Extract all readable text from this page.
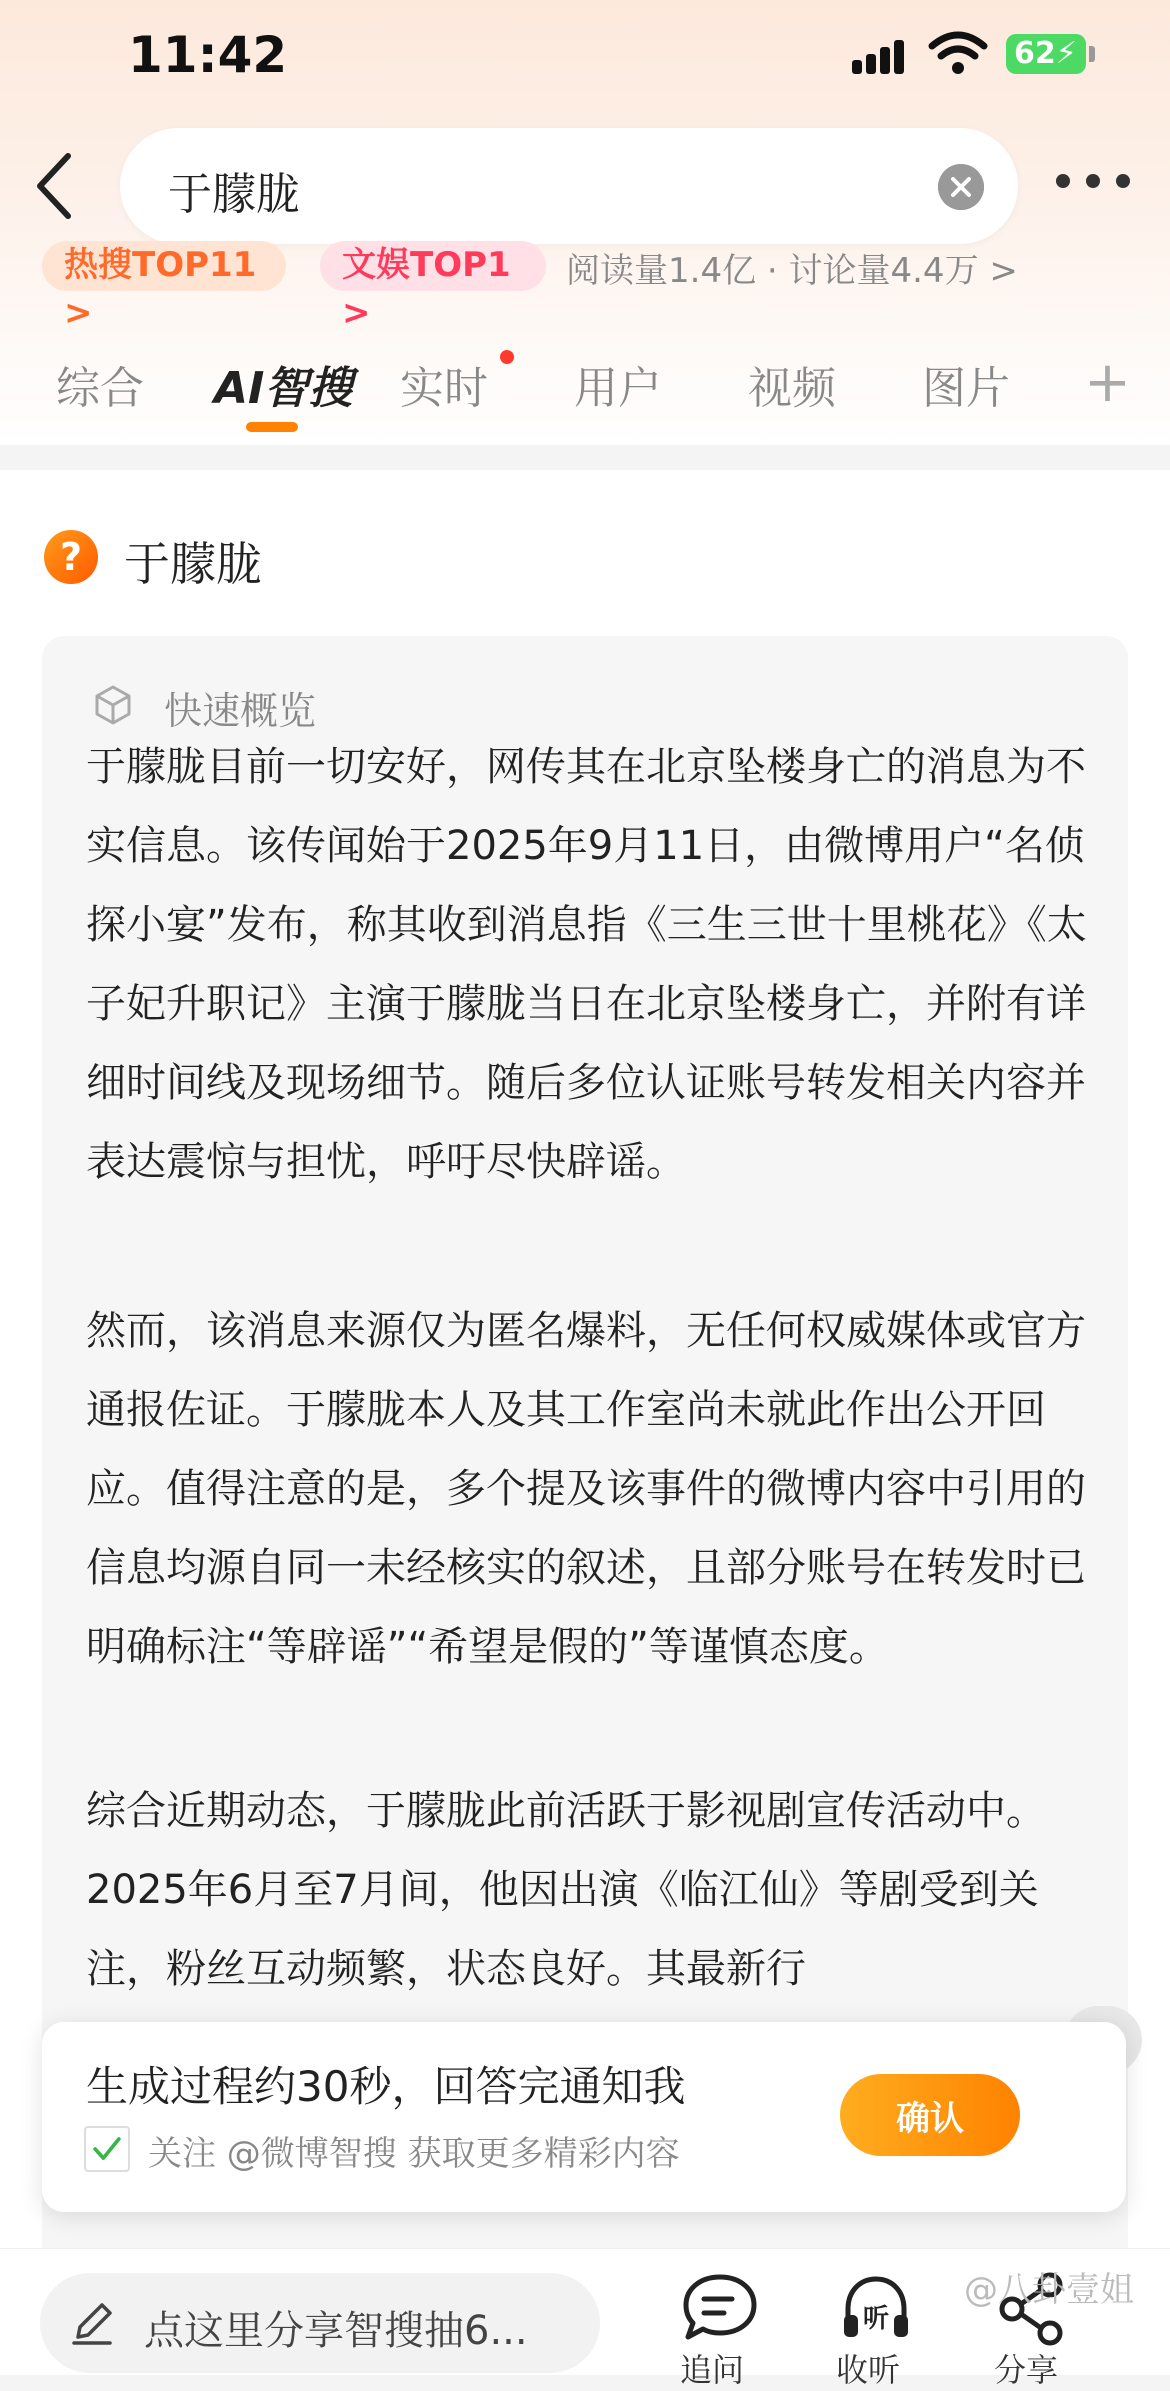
11:42	62⚡
于朦胧
热搜TOP11 >
文娱TOP1 >
阅读量1.4亿 · 讨论量4.4万 >
综合 AI智搜 实时 用户 视频 图片 +
? 于朦胧
快速概览

于朦胧目前一切安好，网传其在北京坠楼身亡的消息为不实信息。该传闻始于2025年9月11日，由微博用户“名侦探小宴”发布，称其收到消息指《三生三世十里桃花》《太子妃升职记》主演于朦胧当日在北京坠楼身亡，并附有详细时间线及现场细节。随后多位认证账号转发相关内容并表达震惊与担忧，呼吁尽快辟谣。

然而，该消息来源仅为匿名爆料，无任何权威媒体或官方通报佐证。于朦胧本人及其工作室尚未就此作出公开回应。值得注意的是，多个提及该事件的微博内容中引用的信息均源自同一未经核实的叙述，且部分账号在转发时已明确标注“等辟谣”“希望是假的”等谨慎态度。

综合近期动态，于朦胧此前活跃于影视剧宣传活动中。2025年6月至7月间，他因出演《临江仙》等剧受到关注，粉丝互动频繁，状态良好。其最新行

生成过程约30秒，回答完通知我
关注 @微博智搜 获取更多精彩内容
确认
点这里分享智搜抽6...
追问
听
收听	分享
@八卦壹姐
